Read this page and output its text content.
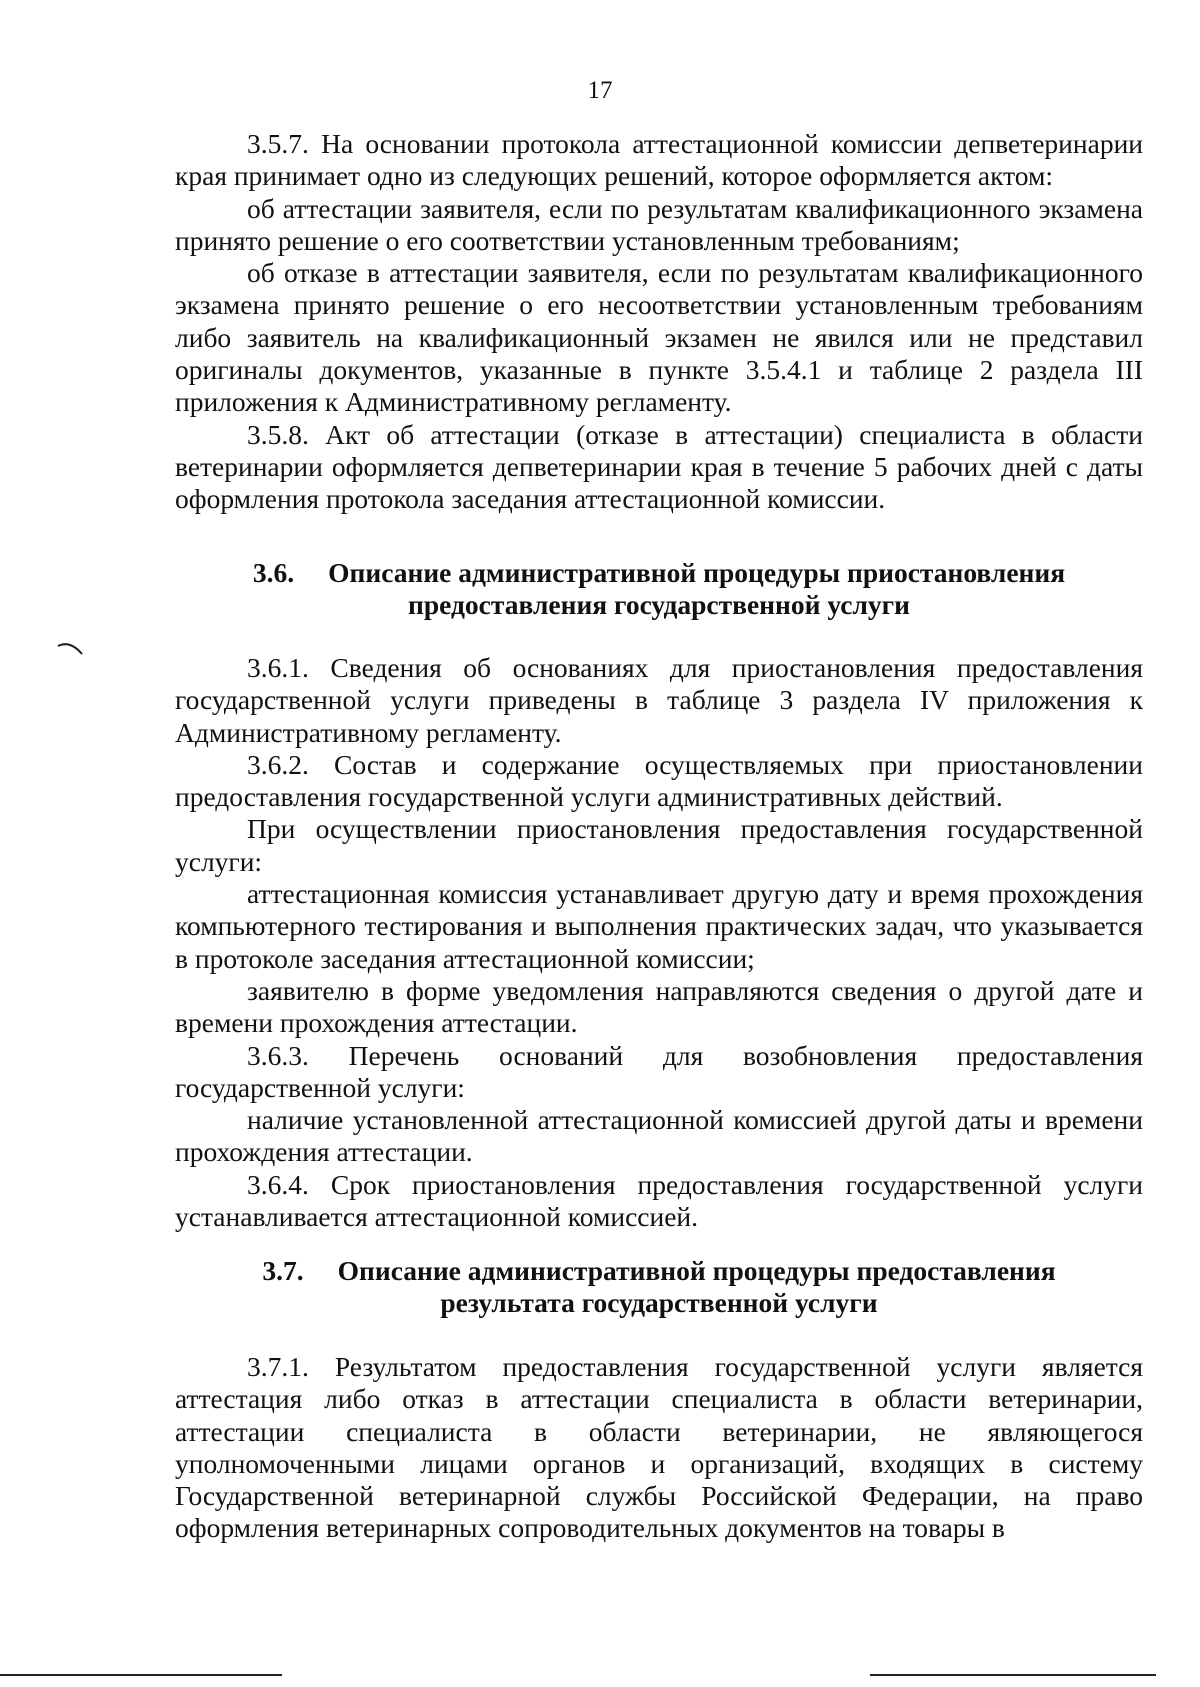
17

3.5.7. На основании протокола аттестационной комиссии депветеринарии края принимает одно из следующих решений, которое оформляется актом:

об аттестации заявителя, если по результатам квалификационного экзамена принято решение о его соответствии установленным требованиям;

об отказе в аттестации заявителя, если по результатам квалификационного экзамена принято решение о его несоответствии установленным требованиям либо заявитель на квалификационный экзамен не явился или не представил оригиналы документов, указанные в пункте 3.5.4.1 и таблице 2 раздела III приложения к Административному регламенту.

3.5.8. Акт об аттестации (отказе в аттестации) специалиста в области ветеринарии оформляется депветеринарии края в течение 5 рабочих дней с даты оформления протокола заседания аттестационной комиссии.

3.6. Описание административной процедуры приостановления
предоставления государственной услуги

3.6.1. Сведения об основаниях для приостановления предоставления государственной услуги приведены в таблице 3 раздела IV приложения к Административному регламенту.

3.6.2. Состав и содержание осуществляемых при приостановлении предоставления государственной услуги административных действий.

При осуществлении приостановления предоставления государственной услуги:

аттестационная комиссия устанавливает другую дату и время прохождения компьютерного тестирования и выполнения практических задач, что указывается в протоколе заседания аттестационной комиссии;

заявителю в форме уведомления направляются сведения о другой дате и времени прохождения аттестации.

3.6.3. Перечень оснований для возобновления предоставления государственной услуги:

наличие установленной аттестационной комиссией другой даты и времени прохождения аттестации.

3.6.4. Срок приостановления предоставления государственной услуги устанавливается аттестационной комиссией.

3.7. Описание административной процедуры предоставления
результата государственной услуги

3.7.1. Результатом предоставления государственной услуги является аттестация либо отказ в аттестации специалиста в области ветеринарии, аттестации специалиста в области ветеринарии, не являющегося уполномоченными лицами органов и организаций, входящих в систему Государственной ветеринарной службы Российской Федерации, на право оформления ветеринарных сопроводительных документов на товары в
